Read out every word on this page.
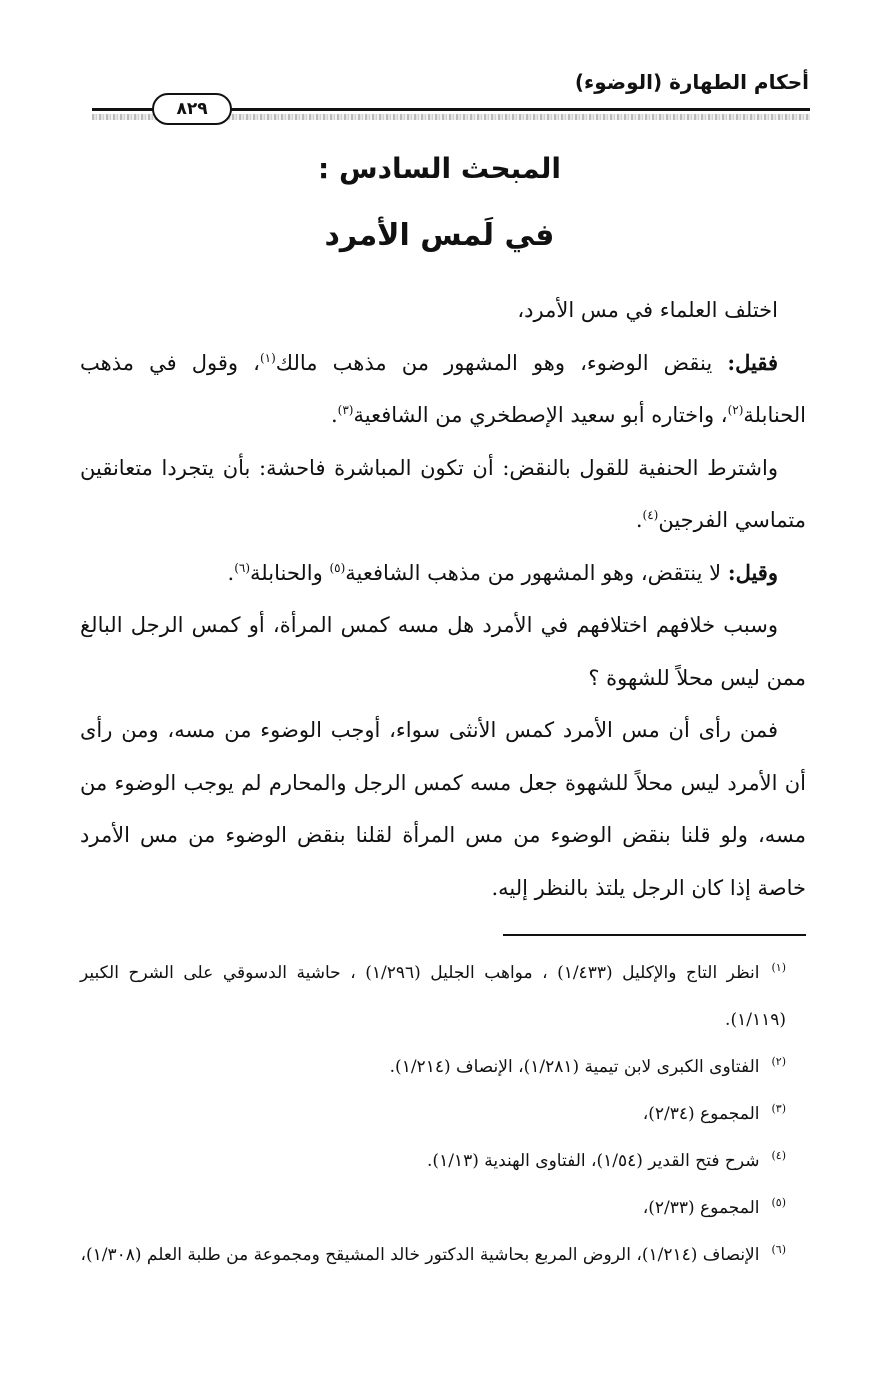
أحكام الطهارة (الوضوء)
٨٢٩
المبحث السادس :
في لَمس الأمرد

اختلف العلماء في مس الأمرد،

فقيل: ينقض الوضوء، وهو المشهور من مذهب مالك$^{(١)}$، وقول في مذهب الحنابلة$^{(٢)}$، واختاره أبو سعيد الإصطخري من الشافعية$^{(٣)}$.

واشترط الحنفية للقول بالنقض: أن تكون المباشرة فاحشة: بأن يتجردا متعانقين متماسي الفرجين$^{(٤)}$.

وقيل: لا ينتقض، وهو المشهور من مذهب الشافعية$^{(٥)}$ والحنابلة$^{(٦)}$.

وسبب خلافهم اختلافهم في الأمرد هل مسه كمس المرأة، أو كمس الرجل البالغ ممن ليس محلاً للشهوة ؟

فمن رأى أن مس الأمرد كمس الأنثى سواء، أوجب الوضوء من مسه، ومن رأى أن الأمرد ليس محلاً للشهوة جعل مسه كمس الرجل والمحارم لم يوجب الوضوء من مسه، ولو قلنا بنقض الوضوء من مس المرأة لقلنا بنقض الوضوء من مس الأمرد خاصة إذا كان الرجل يلتذ بالنظر إليه.

$^{(١)}$انظر التاج والإكليل (١/٤٣٣) ، مواهب الجليل (١/٢٩٦) ، حاشية الدسوقي على الشرح الكبير (١/١١٩).

$^{(٢)}$الفتاوى الكبرى لابن تيمية (١/٢٨١)، الإنصاف (١/٢١٤).

$^{(٣)}$المجموع (٢/٣٤)،

$^{(٤)}$شرح فتح القدير (١/٥٤)، الفتاوى الهندية (١/١٣).

$^{(٥)}$المجموع (٢/٣٣)،

$^{(٦)}$الإنصاف (١/٢١٤)، الروض المربع بحاشية الدكتور خالد المشيقح ومجموعة من طلبة العلم (١/٣٠٨)،
